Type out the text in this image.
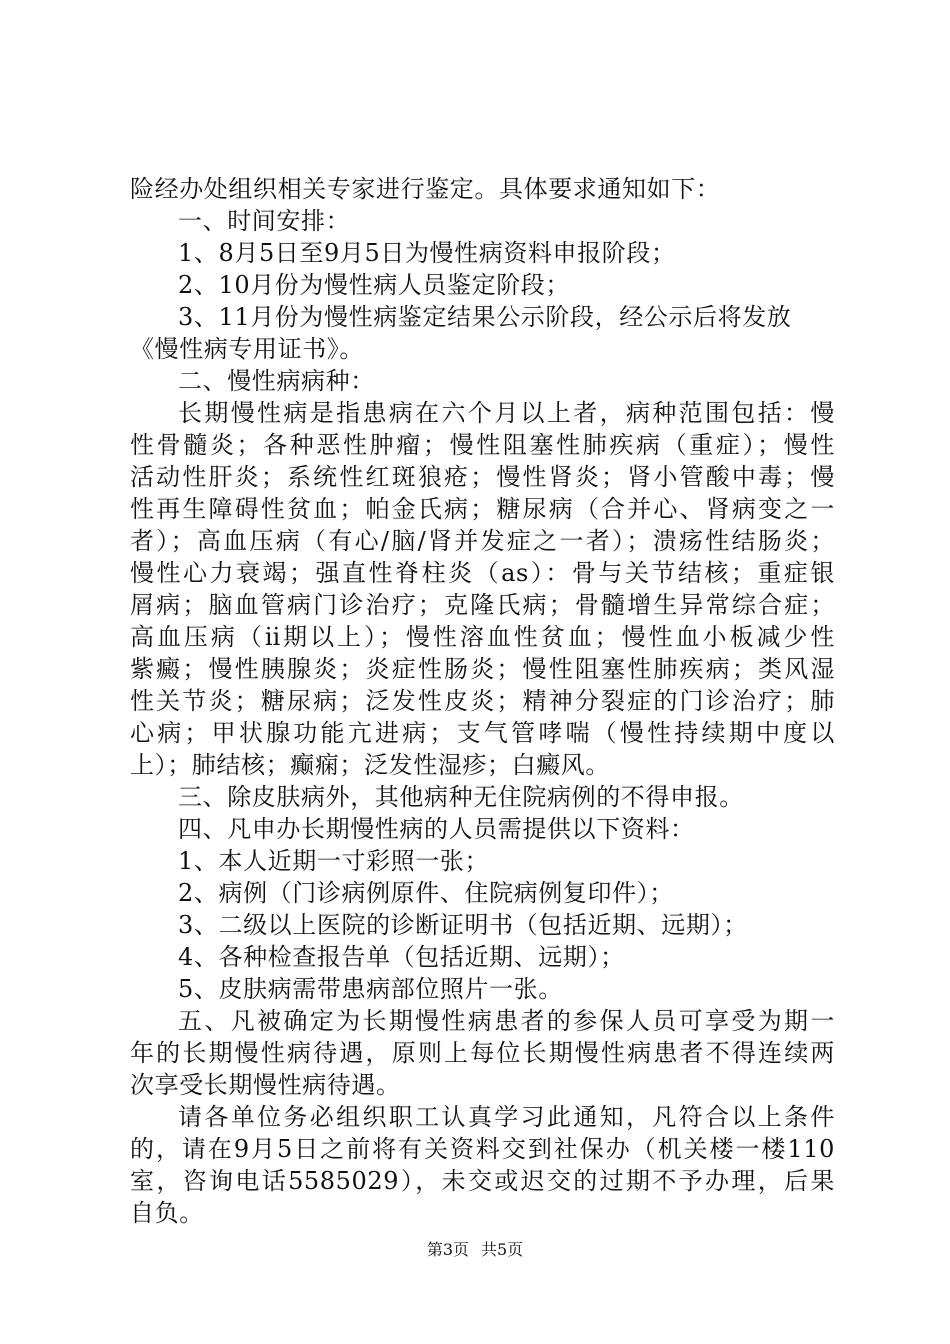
险经办处组织相关专家进行鉴定。具体要求通知如下：
一、时间安排：
1、8月5日至9月5日为慢性病资料申报阶段；
2、10月份为慢性病人员鉴定阶段；
3、11月份为慢性病鉴定结果公示阶段，经公示后将发放
《慢性病专用证书》。
二、慢性病病种：
长期慢性病是指患病在六个月以上者，病种范围包括：慢
性骨髓炎；各种恶性肿瘤；慢性阻塞性肺疾病（重症）；慢性
活动性肝炎；系统性红斑狼疮；慢性肾炎；肾小管酸中毒；慢
性再生障碍性贫血；帕金氏病；糖尿病（合并心、肾病变之一
者）；高血压病（有心/脑/肾并发症之一者）；溃疡性结肠炎；
慢性心力衰竭；强直性脊柱炎（as）：骨与关节结核；重症银
屑病；脑血管病门诊治疗；克隆氏病；骨髓增生异常综合症；
高血压病（ⅱ期以上）；慢性溶血性贫血；慢性血小板减少性
紫癜；慢性胰腺炎；炎症性肠炎；慢性阻塞性肺疾病；类风湿
性关节炎；糖尿病；泛发性皮炎；精神分裂症的门诊治疗；肺
心病；甲状腺功能亢进病；支气管哮喘（慢性持续期中度以
上）；肺结核；癫痫；泛发性湿疹；白癜风。
三、除皮肤病外，其他病种无住院病例的不得申报。
四、凡申办长期慢性病的人员需提供以下资料：
1、本人近期一寸彩照一张；
2、病例（门诊病例原件、住院病例复印件）；
3、二级以上医院的诊断证明书（包括近期、远期）；
4、各种检查报告单（包括近期、远期）；
5、皮肤病需带患病部位照片一张。
五、凡被确定为长期慢性病患者的参保人员可享受为期一
年的长期慢性病待遇，原则上每位长期慢性病患者不得连续两
次享受长期慢性病待遇。
请各单位务必组织职工认真学习此通知，凡符合以上条件
的，请在9月5日之前将有关资料交到社保办（机关楼一楼110
室，咨询电话5585029），未交或迟交的过期不予办理，后果
自负。
第3页 共5页
